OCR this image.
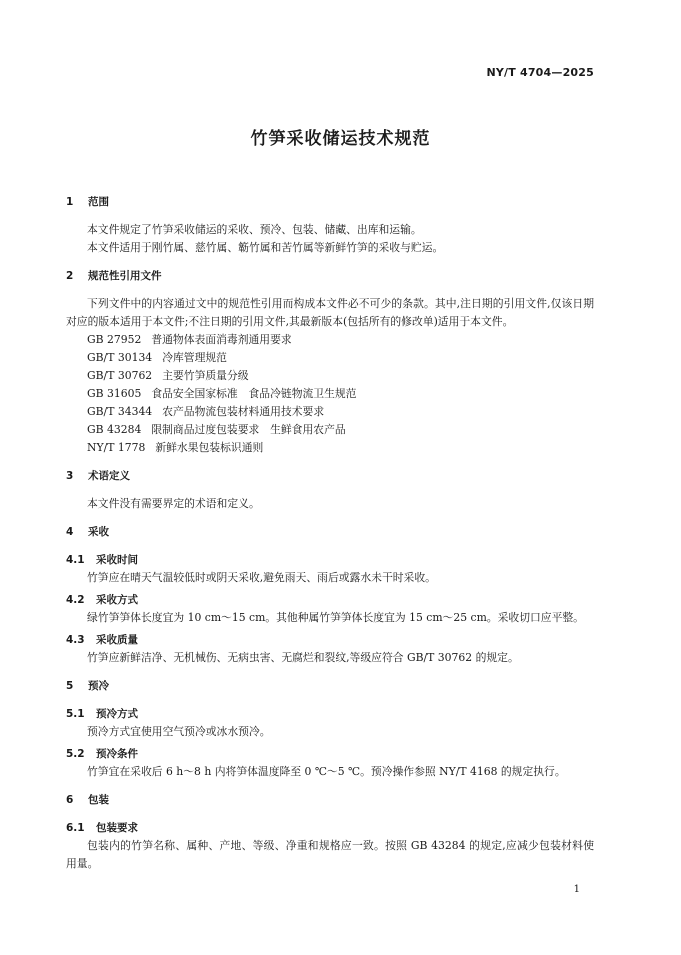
NY/T 4704—2025
竹笋采收储运技术规范
1	范围

本文件规定了竹笋采收储运的采收、预冷、包装、储藏、出库和运输。

本文件适用于刚竹属、慈竹属、簕竹属和苦竹属等新鲜竹笋的采收与贮运。

2	规范性引用文件

下列文件中的内容通过文中的规范性引用而构成本文件必不可少的条款。其中,注日期的引用文件,仅该日期对应的版本适用于本文件;不注日期的引用文件,其最新版本(包括所有的修改单)适用于本文件。

GB 27952 普通物体表面消毒剂通用要求

GB/T 30134 冷库管理规范

GB/T 30762 主要竹笋质量分级

GB 31605 食品安全国家标准　食品冷链物流卫生规范

GB/T 34344 农产品物流包装材料通用技术要求

GB 43284 限制商品过度包装要求　生鲜食用农产品

NY/T 1778 新鲜水果包装标识通则

3	术语定义

本文件没有需要界定的术语和定义。

4	采收
4.1	采收时间

竹笋应在晴天气温较低时或阴天采收,避免雨天、雨后或露水未干时采收。

4.2	采收方式

绿竹笋笋体长度宜为 10 cm～15 cm。其他种属竹笋笋体长度宜为 15 cm～25 cm。采收切口应平整。

4.3	采收质量

竹笋应新鲜洁净、无机械伤、无病虫害、无腐烂和裂纹,等级应符合 GB/T 30762 的规定。

5	预冷
5.1	预冷方式

预冷方式宜使用空气预冷或冰水预冷。

5.2	预冷条件

竹笋宜在采收后 6 h～8 h 内将笋体温度降至 0 ℃～5 ℃。预冷操作参照 NY/T 4168 的规定执行。

6	包装
6.1	包装要求

包装内的竹笋名称、属种、产地、等级、净重和规格应一致。按照 GB 43284 的规定,应减少包装材料使用量。

1
